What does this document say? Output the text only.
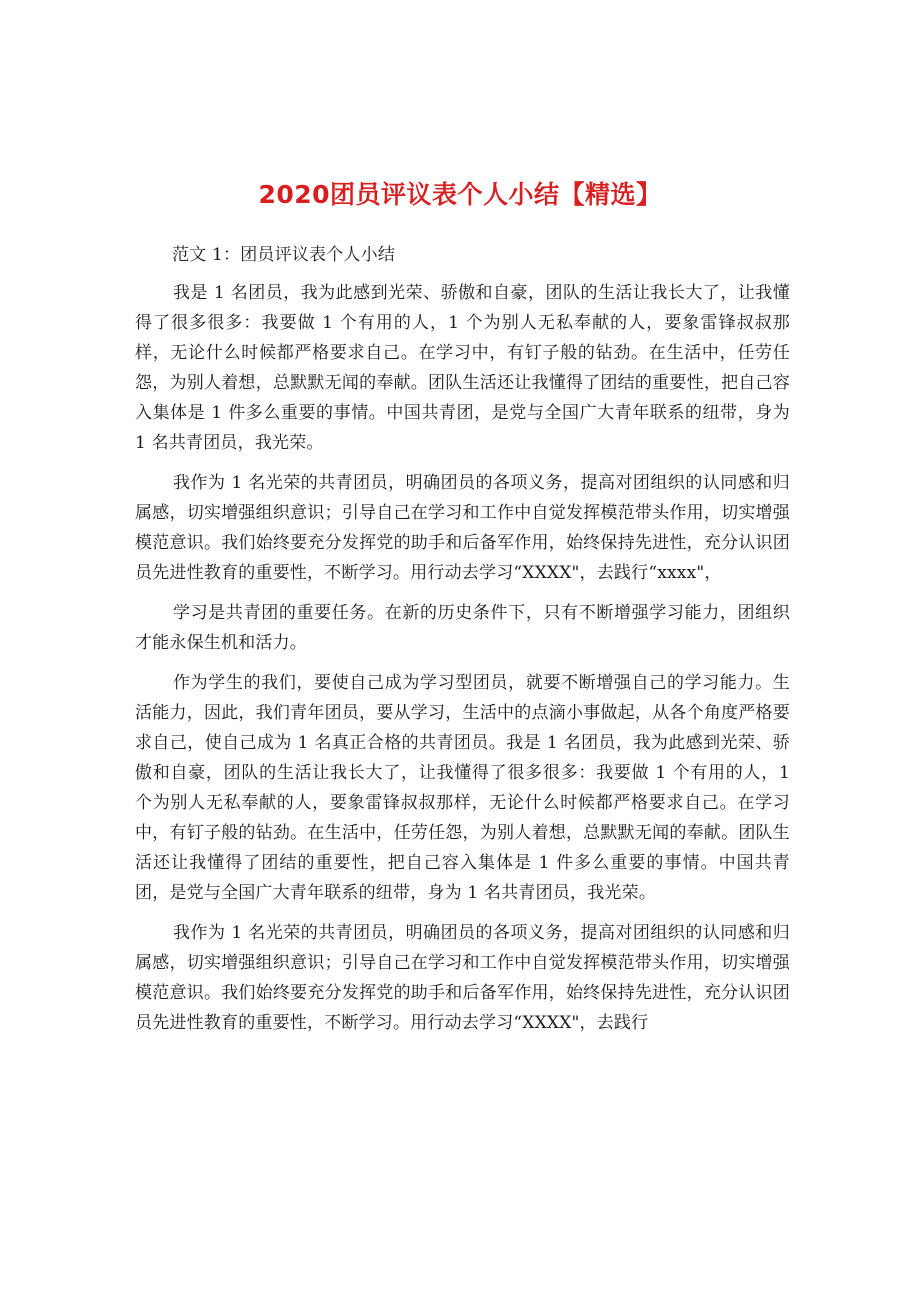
2020团员评议表个人小结【精选】

范文 1：团员评议表个人小结

我是 1 名团员，我为此感到光荣、骄傲和自豪，团队的生活让我长大了，让我懂得了很多很多：我要做 1 个有用的人，1 个为别人无私奉献的人，要象雷锋叔叔那样，无论什么时候都严格要求自己。在学习中，有钉子般的钻劲。在生活中，任劳任怨，为别人着想，总默默无闻的奉献。团队生活还让我懂得了团结的重要性，把自己容入集体是 1 件多么重要的事情。中国共青团，是党与全国广大青年联系的纽带，身为 1 名共青团员，我光荣。

我作为 1 名光荣的共青团员，明确团员的各项义务，提高对团组织的认同感和归属感，切实增强组织意识；引导自己在学习和工作中自觉发挥模范带头作用，切实增强模范意识。我们始终要充分发挥党的助手和后备军作用，始终保持先进性，充分认识团员先进性教育的重要性，不断学习。用行动去学习“XXXX"，去践行“xxxx"，

学习是共青团的重要任务。在新的历史条件下，只有不断增强学习能力，团组织才能永保生机和活力。

作为学生的我们，要使自己成为学习型团员，就要不断增强自己的学习能力。生活能力，因此，我们青年团员，要从学习，生活中的点滴小事做起，从各个角度严格要求自己，使自己成为 1 名真正合格的共青团员。我是 1 名团员，我为此感到光荣、骄傲和自豪，团队的生活让我长大了，让我懂得了很多很多：我要做 1 个有用的人，1 个为别人无私奉献的人，要象雷锋叔叔那样，无论什么时候都严格要求自己。在学习中，有钉子般的钻劲。在生活中，任劳任怨，为别人着想，总默默无闻的奉献。团队生活还让我懂得了团结的重要性，把自己容入集体是 1 件多么重要的事情。中国共青团，是党与全国广大青年联系的纽带，身为 1 名共青团员，我光荣。

我作为 1 名光荣的共青团员，明确团员的各项义务，提高对团组织的认同感和归属感，切实增强组织意识；引导自己在学习和工作中自觉发挥模范带头作用，切实增强模范意识。我们始终要充分发挥党的助手和后备军作用，始终保持先进性，充分认识团员先进性教育的重要性，不断学习。用行动去学习“XXXX"，去践行
